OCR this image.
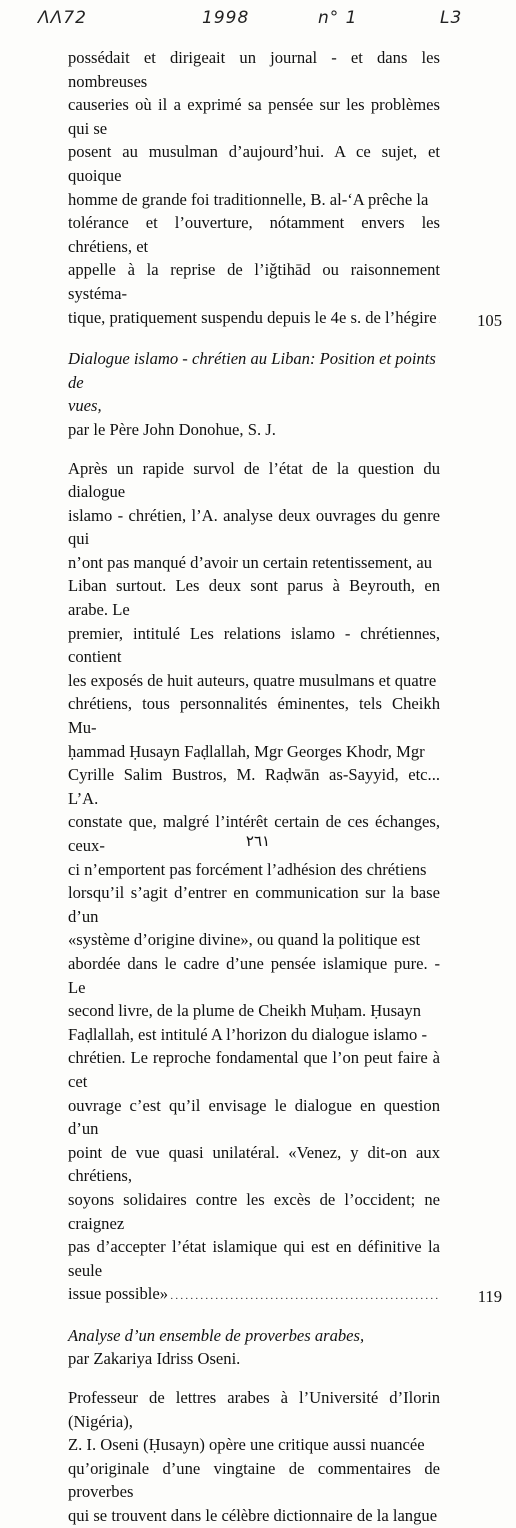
ΛΛ72	1998	n° 1	L3

possédait et dirigeait un journal - et dans les nombreuses

causeries où il a exprimé sa pensée sur les problèmes qui se

posent au musulman d’aujourd’hui. A ce sujet, et quoique

homme de grande foi traditionnelle, B. al-‘A prêche la

tolérance et l’ouverture, nótamment envers les chrétiens, et

appelle à la reprise de l’iǧtihād ou raisonnement systéma-

tique, pratiquement suspendu depuis le 4e s. de l’hégire . . . 105

Dialogue islamo - chrétien au Liban: Position et points de

vues,

par le Père John Donohue, S. J.

Après un rapide survol de l’état de la question du dialogue

islamo - chrétien, l’A. analyse deux ouvrages du genre qui

n’ont pas manqué d’avoir un certain retentissement, au

Liban surtout. Les deux sont parus à Beyrouth, en arabe. Le

premier, intitulé Les relations islamo - chrétiennes, contient

les exposés de huit auteurs, quatre musulmans et quatre

chrétiens, tous personnalités éminentes, tels Cheikh Mu-

ḥammad Ḥusayn Faḍlallah, Mgr Georges Khodr, Mgr

Cyrille Salim Bustros, M. Raḍwān as-Sayyid, etc... L’A.

constate que, malgré l’intérêt certain de ces échanges, ceux-

ci n’emportent pas forcément l’adhésion des chrétiens

lorsqu’il s’agit d’entrer en communication sur la base d’un

«système d’origine divine», ou quand la politique est

abordée dans le cadre d’une pensée islamique pure. - Le

second livre, de la plume de Cheikh Muḥam. Ḥusayn

Faḍlallah, est intitulé A l’horizon du dialogue islamo -

chrétien. Le reproche fondamental que l’on peut faire à cet

ouvrage c’est qu’il envisage le dialogue en question d’un

point de vue quasi unilatéral. «Venez, y dit-on aux chrétiens,

soyons solidaires contre les excès de l’occident; ne craignez

pas d’accepter l’état islamique qui est en définitive la seule

issue possible» . . .	119

Analyse d’un ensemble de proverbes arabes,

par Zakariya Idriss Oseni.

Professeur de lettres arabes à l’Université d’Ilorin (Nigéria),

Z. I. Oseni (Ḥusayn) opère une critique aussi nuancée

qu’originale d’une vingtaine de commentaires de proverbes

qui se trouvent dans le célèbre dictionnaire de la langue

٢٦١
